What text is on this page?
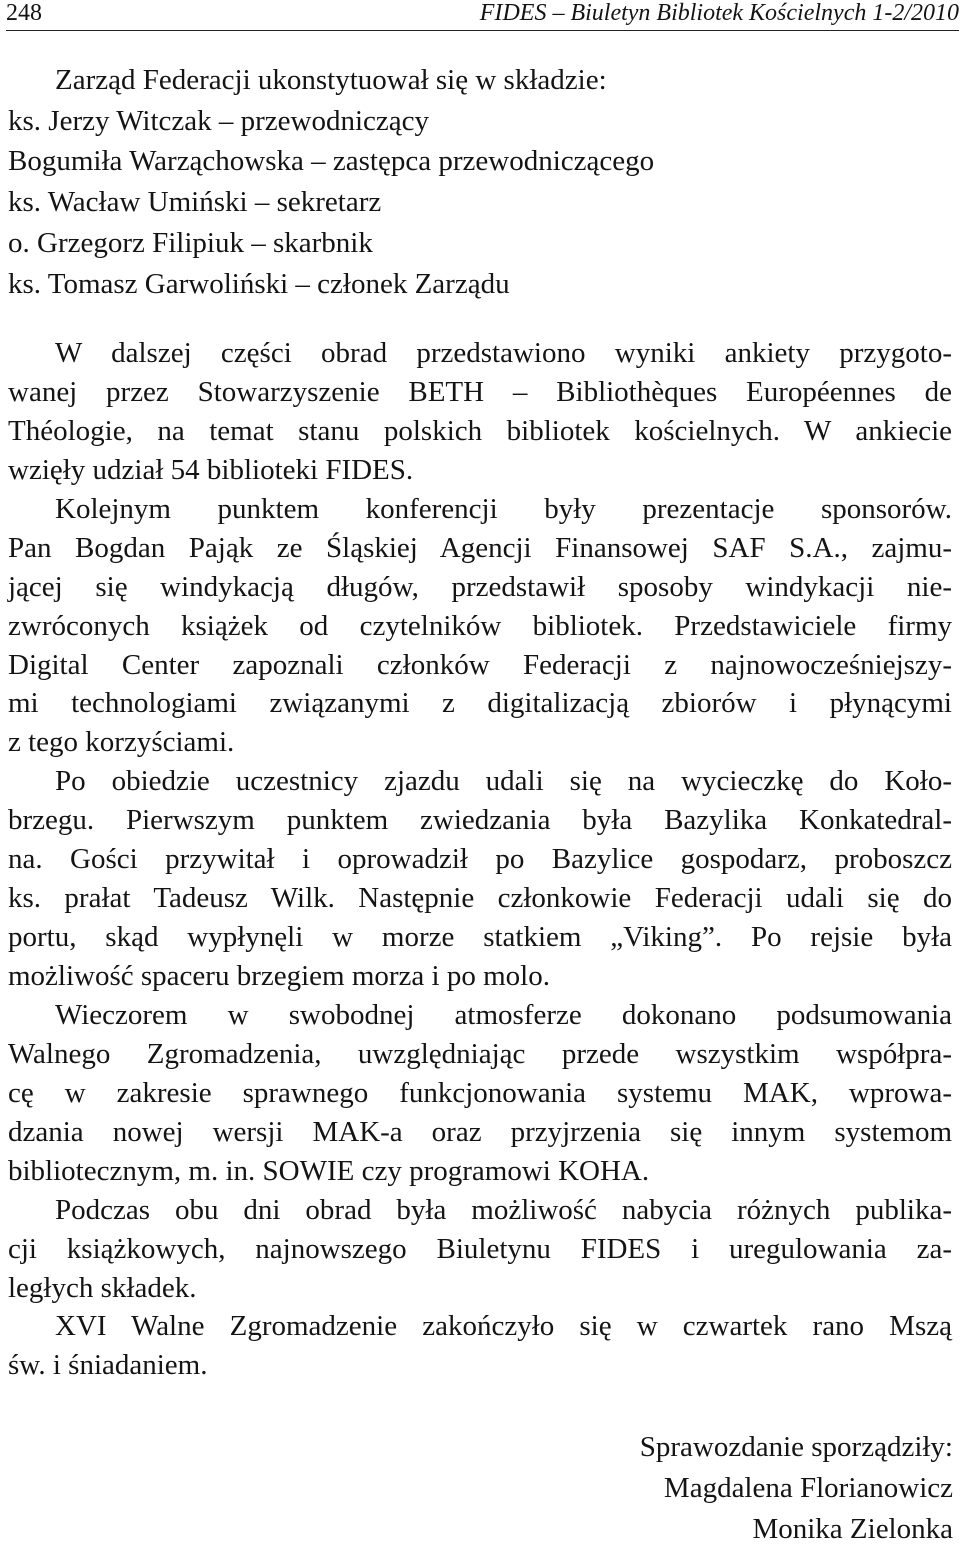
248	FIDES – Biuletyn Bibliotek Kościelnych 1-2/2010
Zarząd Federacji ukonstytuował się w składzie:
ks. Jerzy Witczak – przewodniczący
Bogumiła Warząchowska – zastępca przewodniczącego
ks. Wacław Umiński – sekretarz
o. Grzegorz Filipiuk – skarbnik
ks. Tomasz Garwoliński – członek Zarządu
W dalszej części obrad przedstawiono wyniki ankiety przygoto-
wanej przez Stowarzyszenie BETH – Bibliothèques Européennes de
Théologie, na temat stanu polskich bibliotek kościelnych. W ankiecie
wzięły udział 54 biblioteki FIDES.
Kolejnym punktem konferencji były prezentacje sponsorów.
Pan Bogdan Pająk ze Śląskiej Agencji Finansowej SAF S.A., zajmu-
jącej się windykacją długów, przedstawił sposoby windykacji nie-
zwróconych książek od czytelników bibliotek. Przedstawiciele firmy
Digital Center zapoznali członków Federacji z najnowocześniejszy-
mi technologiami związanymi z digitalizacją zbiorów i płynącymi
z tego korzyściami.
Po obiedzie uczestnicy zjazdu udali się na wycieczkę do Koło-
brzegu. Pierwszym punktem zwiedzania była Bazylika Konkatedral-
na. Gości przywitał i oprowadził po Bazylice gospodarz, proboszcz
ks. prałat Tadeusz Wilk. Następnie członkowie Federacji udali się do
portu, skąd wypłynęli w morze statkiem „Viking”. Po rejsie była
możliwość spaceru brzegiem morza i po molo.
Wieczorem w swobodnej atmosferze dokonano podsumowania
Walnego Zgromadzenia, uwzględniając przede wszystkim współpra-
cę w zakresie sprawnego funkcjonowania systemu MAK, wprowa-
dzania nowej wersji MAK-a oraz przyjrzenia się innym systemom
bibliotecznym, m. in. SOWIE czy programowi KOHA.
Podczas obu dni obrad była możliwość nabycia różnych publika-
cji książkowych, najnowszego Biuletynu FIDES i uregulowania za-
ległych składek.
XVI Walne Zgromadzenie zakończyło się w czwartek rano Mszą
św. i śniadaniem.
Sprawozdanie sporządziły:
Magdalena Florianowicz
Monika Zielonka
